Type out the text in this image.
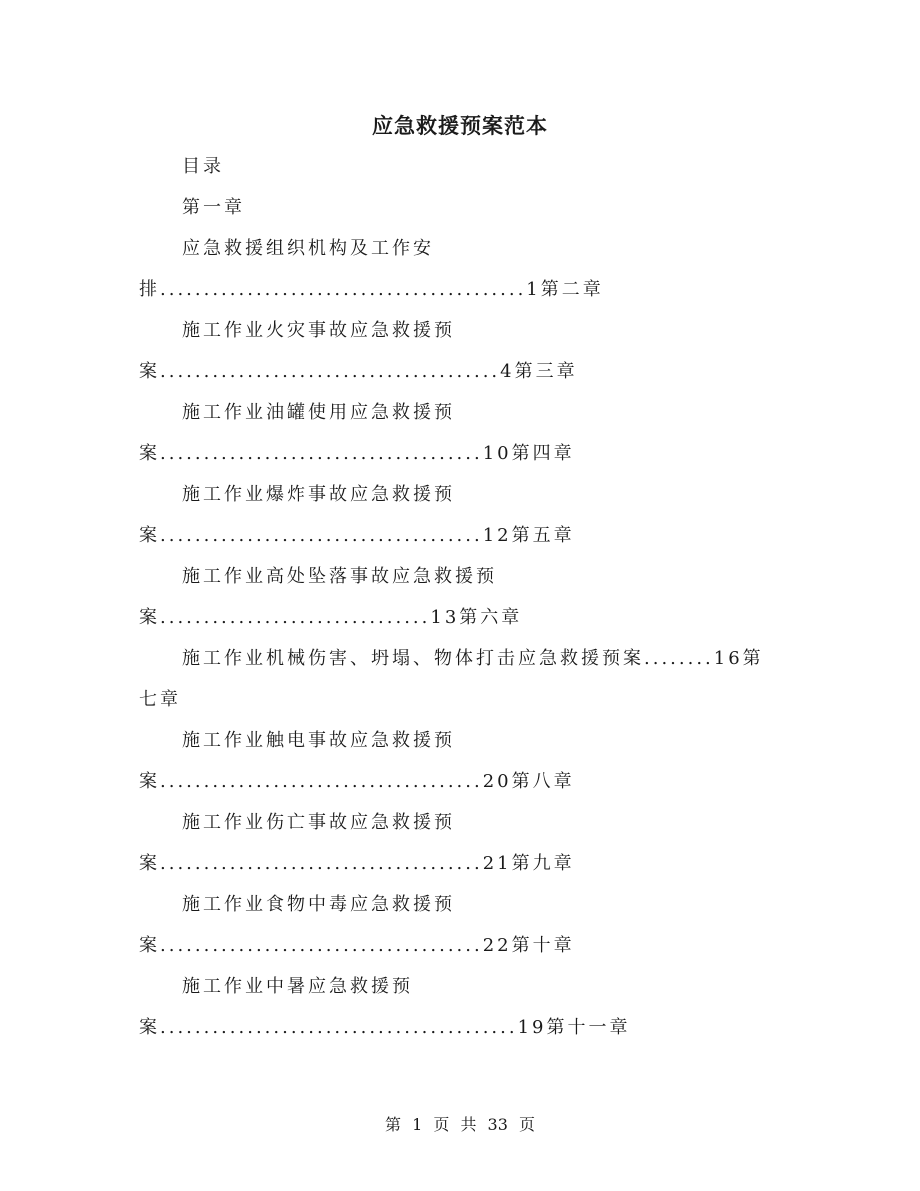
应急救援预案范本

目录

第一章

应急救援组织机构及工作安排..........................................1第二章

施工作业火灾事故应急救援预案.......................................4第三章

施工作业油罐使用应急救援预案.....................................10第四章

施工作业爆炸事故应急救援预案.....................................12第五章

施工作业高处坠落事故应急救援预案...............................13第六章

施工作业机械伤害、坍塌、物体打击应急救援预案........16第七章

施工作业触电事故应急救援预案.....................................20第八章

施工作业伤亡事故应急救援预案.....................................21第九章

施工作业食物中毒应急救援预案.....................................22第十章

施工作业中暑应急救援预案.........................................19第十一章

第 1 页 共 33 页
